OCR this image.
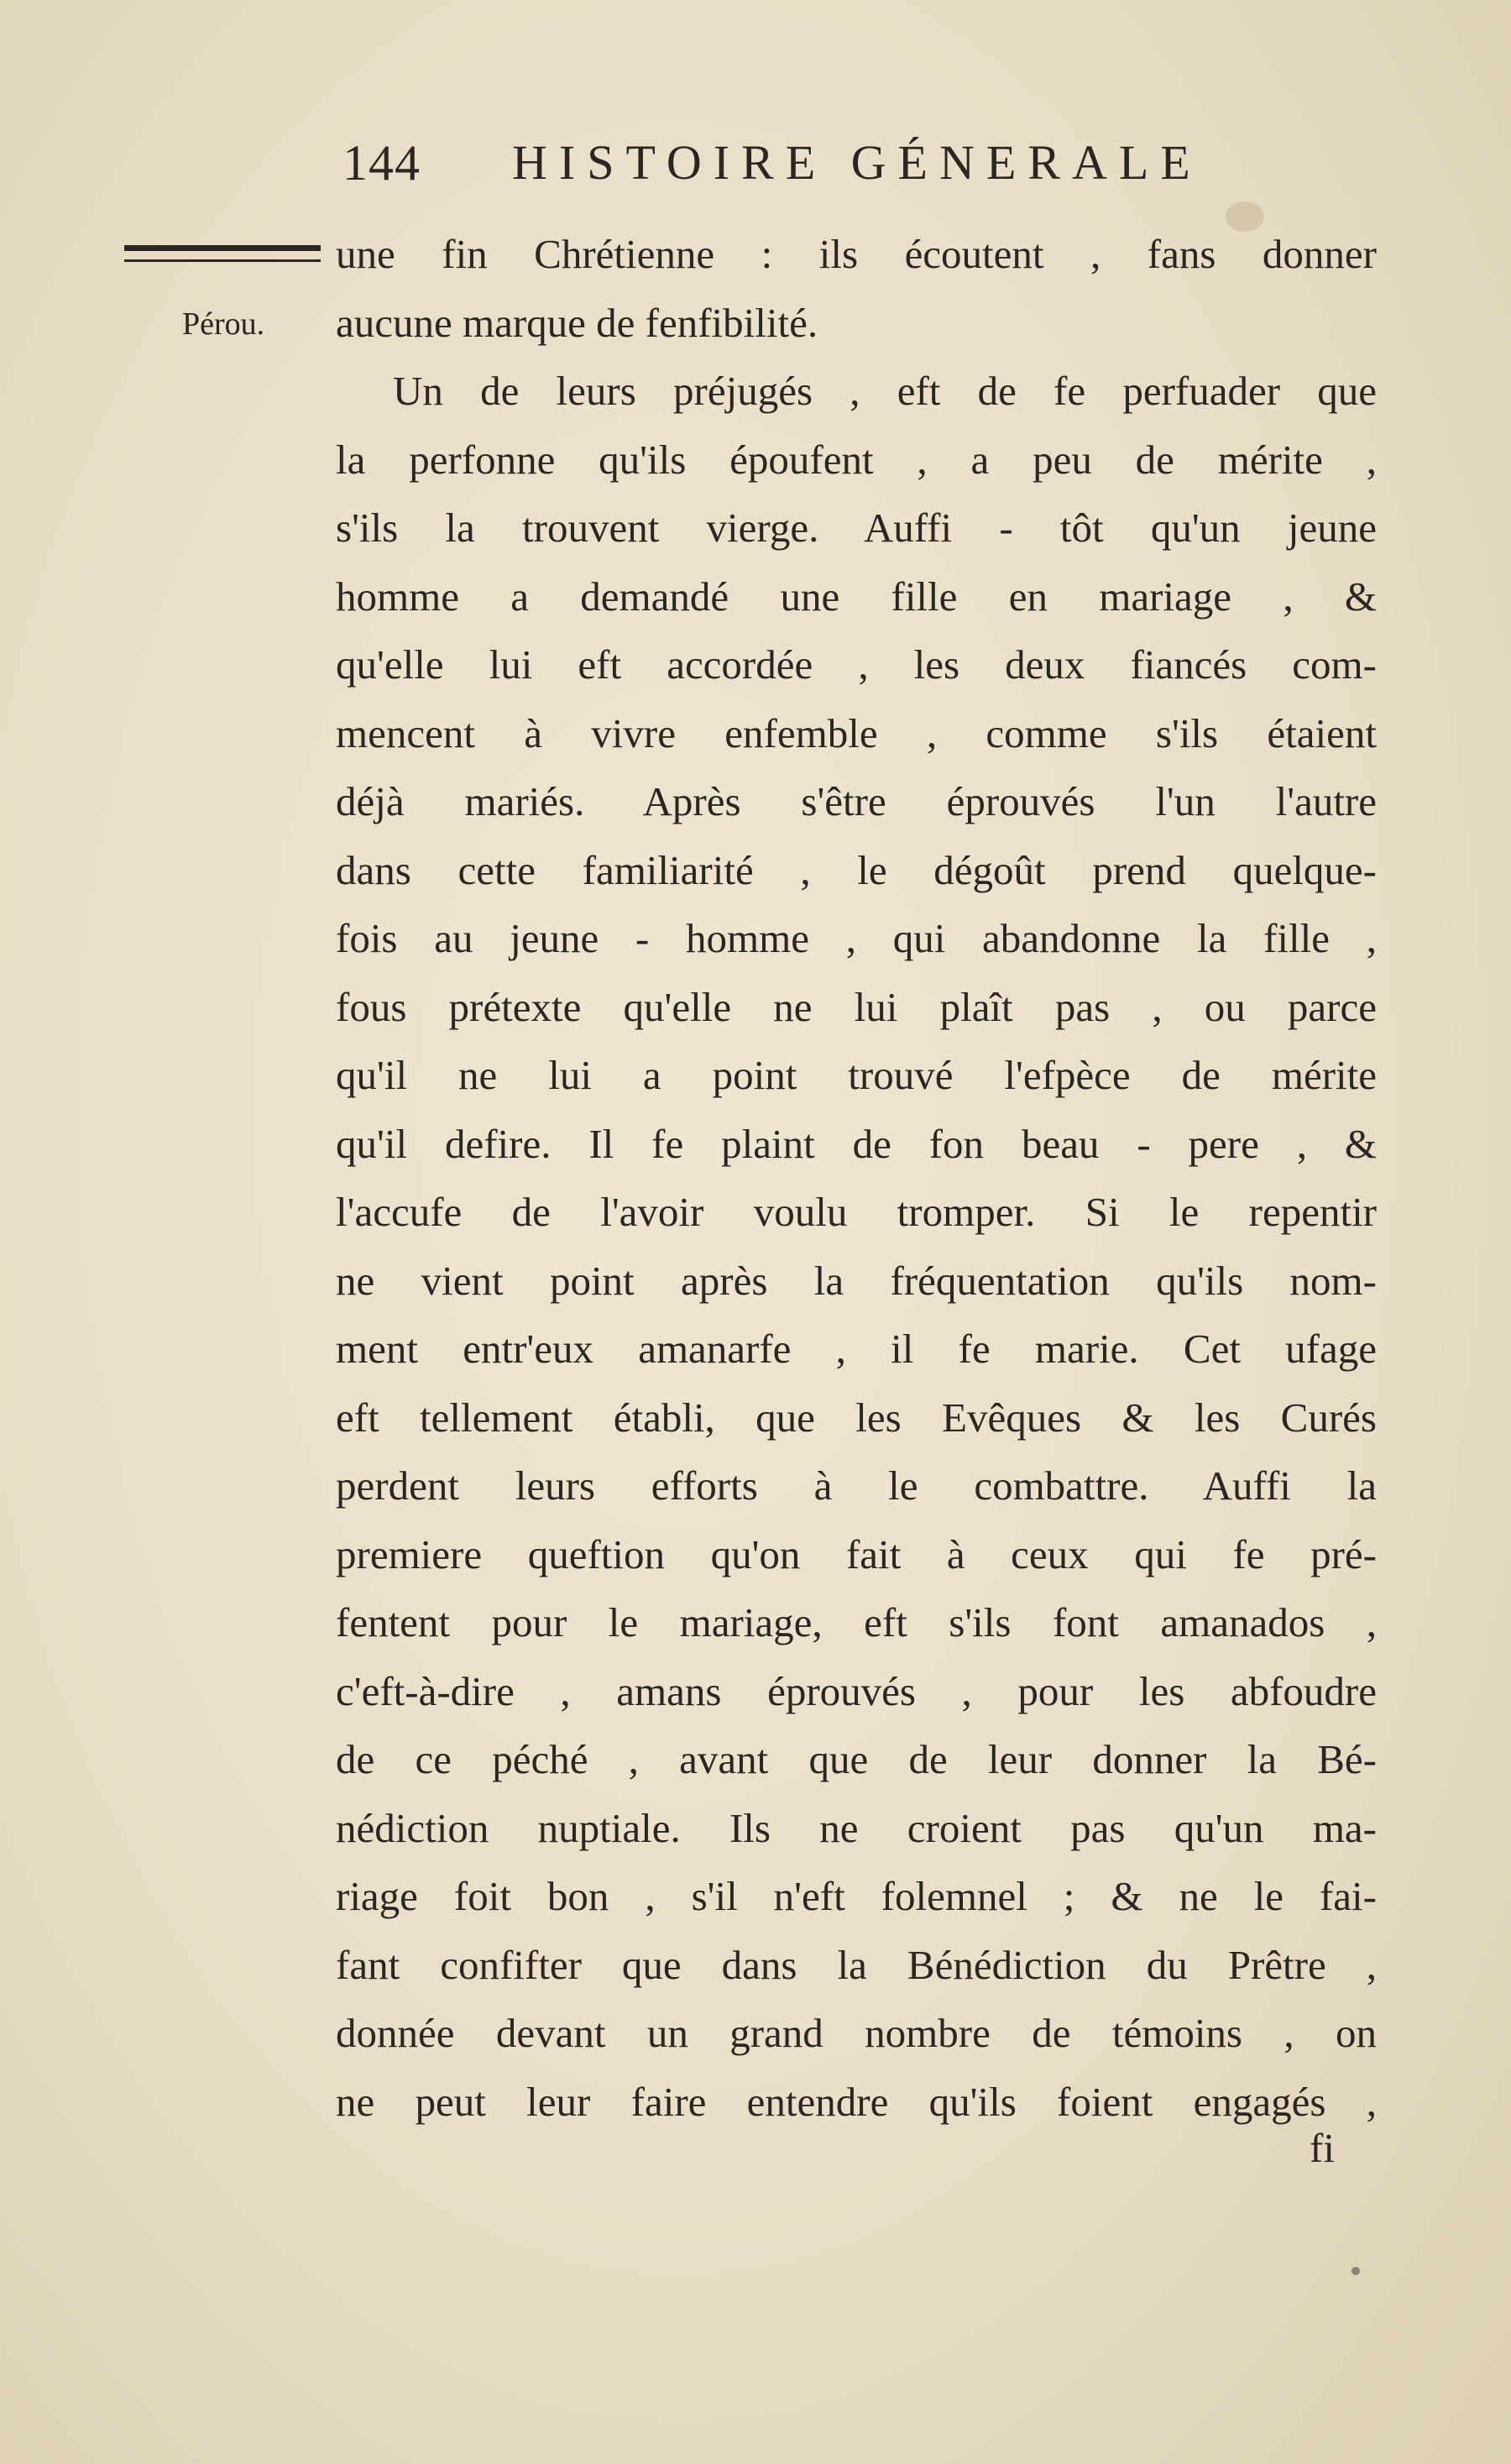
144 HISTOIRE GÉNERALE
Pérou.
une fin Chrétienne : ils écoutent , fans donner
aucune marque de fenfibilité.
Un de leurs préjugés , eft de fe perfuader que
la perfonne qu'ils époufent , a peu de mérite ,
s'ils la trouvent vierge. Auffi - tôt qu'un jeune
homme a demandé une fille en mariage , &
qu'elle lui eft accordée , les deux fiancés com-
mencent à vivre enfemble , comme s'ils étaient
déjà mariés. Après s'être éprouvés l'un l'autre
dans cette familiarité , le dégoût prend quelque-
fois au jeune - homme , qui abandonne la fille ,
fous prétexte qu'elle ne lui plaît pas , ou parce
qu'il ne lui a point trouvé l'efpèce de mérite
qu'il defire. Il fe plaint de fon beau - pere , &
l'accufe de l'avoir voulu tromper. Si le repentir
ne vient point après la fréquentation qu'ils nom-
ment entr'eux amanarfe , il fe marie. Cet ufage
eft tellement établi, que les Evêques & les Curés
perdent leurs efforts à le combattre. Auffi la
premiere queftion qu'on fait à ceux qui fe pré-
fentent pour le mariage, eft s'ils font amanados ,
c'eft-à-dire , amans éprouvés , pour les abfoudre
de ce péché , avant que de leur donner la Bé-
nédiction nuptiale. Ils ne croient pas qu'un ma-
riage foit bon , s'il n'eft folemnel ; & ne le fai-
fant confifter que dans la Bénédiction du Prêtre ,
donnée devant un grand nombre de témoins , on
ne peut leur faire entendre qu'ils foient engagés ,
fi
